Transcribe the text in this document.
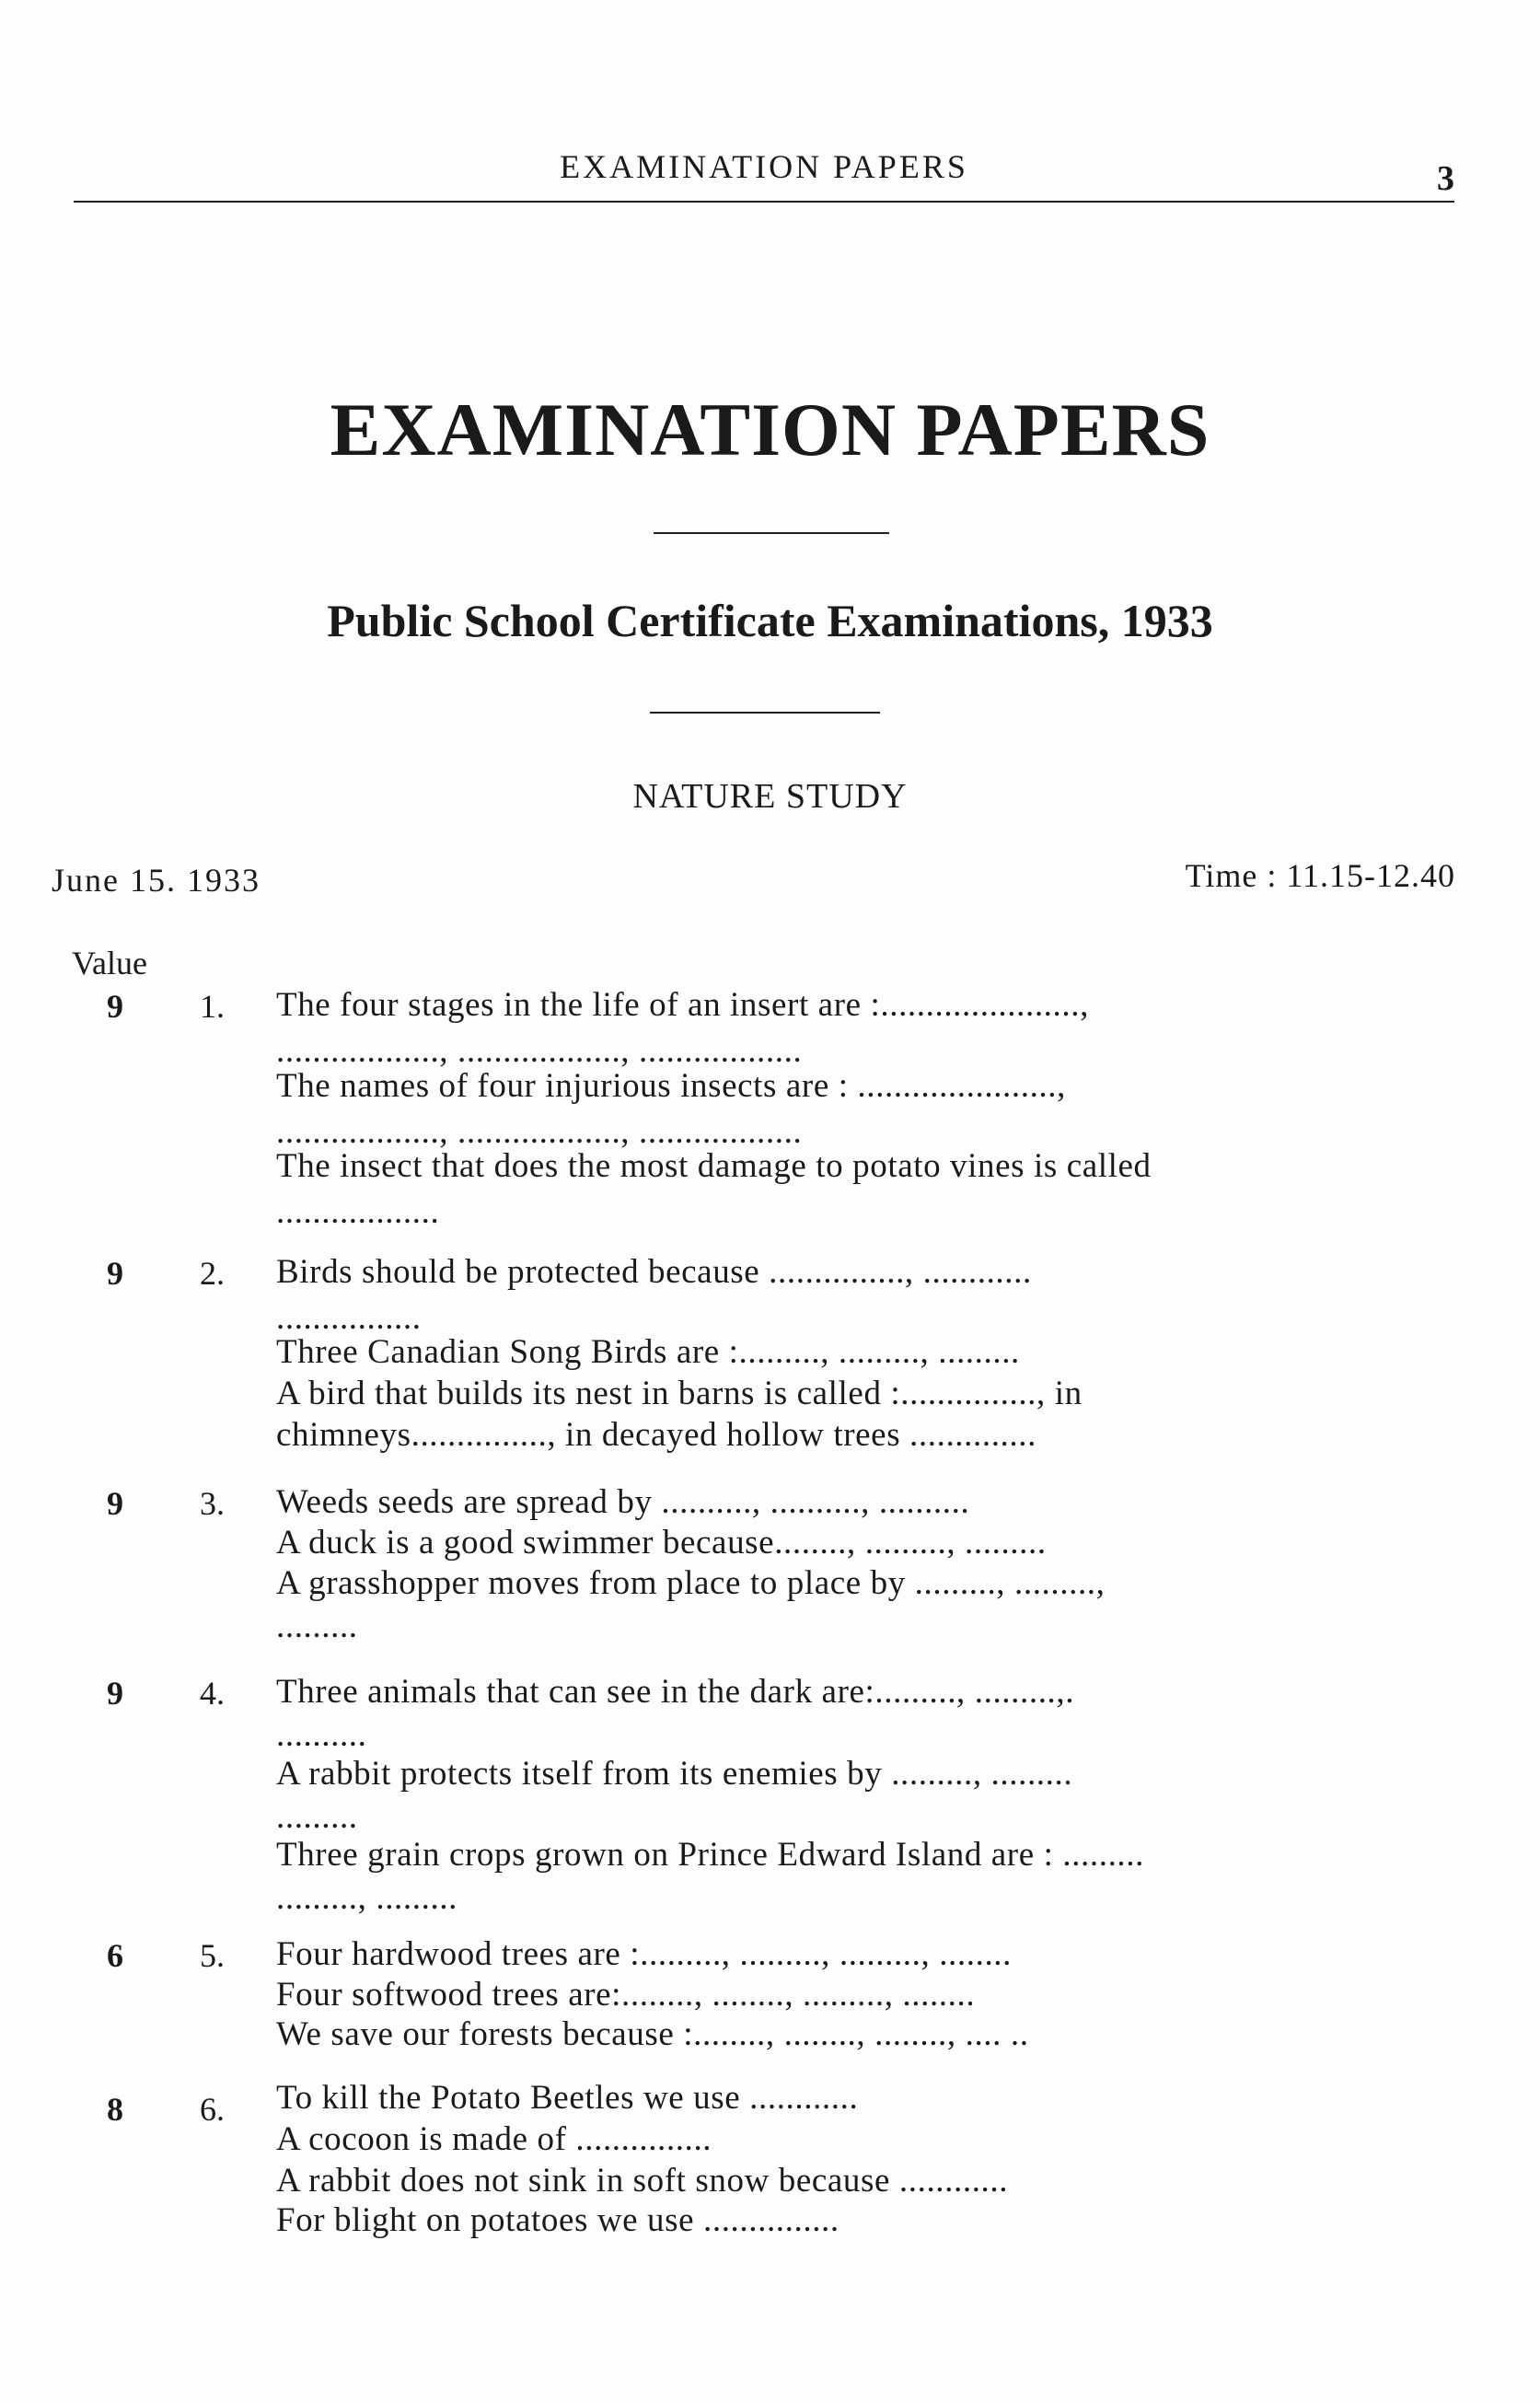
EXAMINATION PAPERS	3
EXAMINATION PAPERS
Public School Certificate Examinations, 1933
NATURE STUDY
June 15. 1933	Time : 11.15-12.40
Value
9 1. The four stages in the life of an insert are :......................,
.................., .................., ..................
The names of four injurious insects are : ......................,
.................., .................., ..................
The insect that does the most damage to potato vines is called
..................
9 2. Birds should be protected because ..............., ............
................
Three Canadian Song Birds are :........., ........., .........
A bird that builds its nest in barns is called :..............., in
chimneys..............., in decayed hollow trees ..............
9 3. Weeds seeds are spread by .........., .........., ..........
A duck is a good swimmer because........, ........., .........
A grasshopper moves from place to place by ........., .........,
.........
9 4. Three animals that can see in the dark are:........., .........,.
..........
A rabbit protects itself from its enemies by ........., .........
.........
Three grain crops grown on Prince Edward Island are : .........
........., .........
6 5. Four hardwood trees are :........., ........., ........., ........
Four softwood trees are:........, ........, ........., ........
We save our forests because :........, ........, ........, .... ..
8 6. To kill the Potato Beetles we use ............
A cocoon is made of ...............
A rabbit does not sink in soft snow because ............
For blight on potatoes we use ...............
